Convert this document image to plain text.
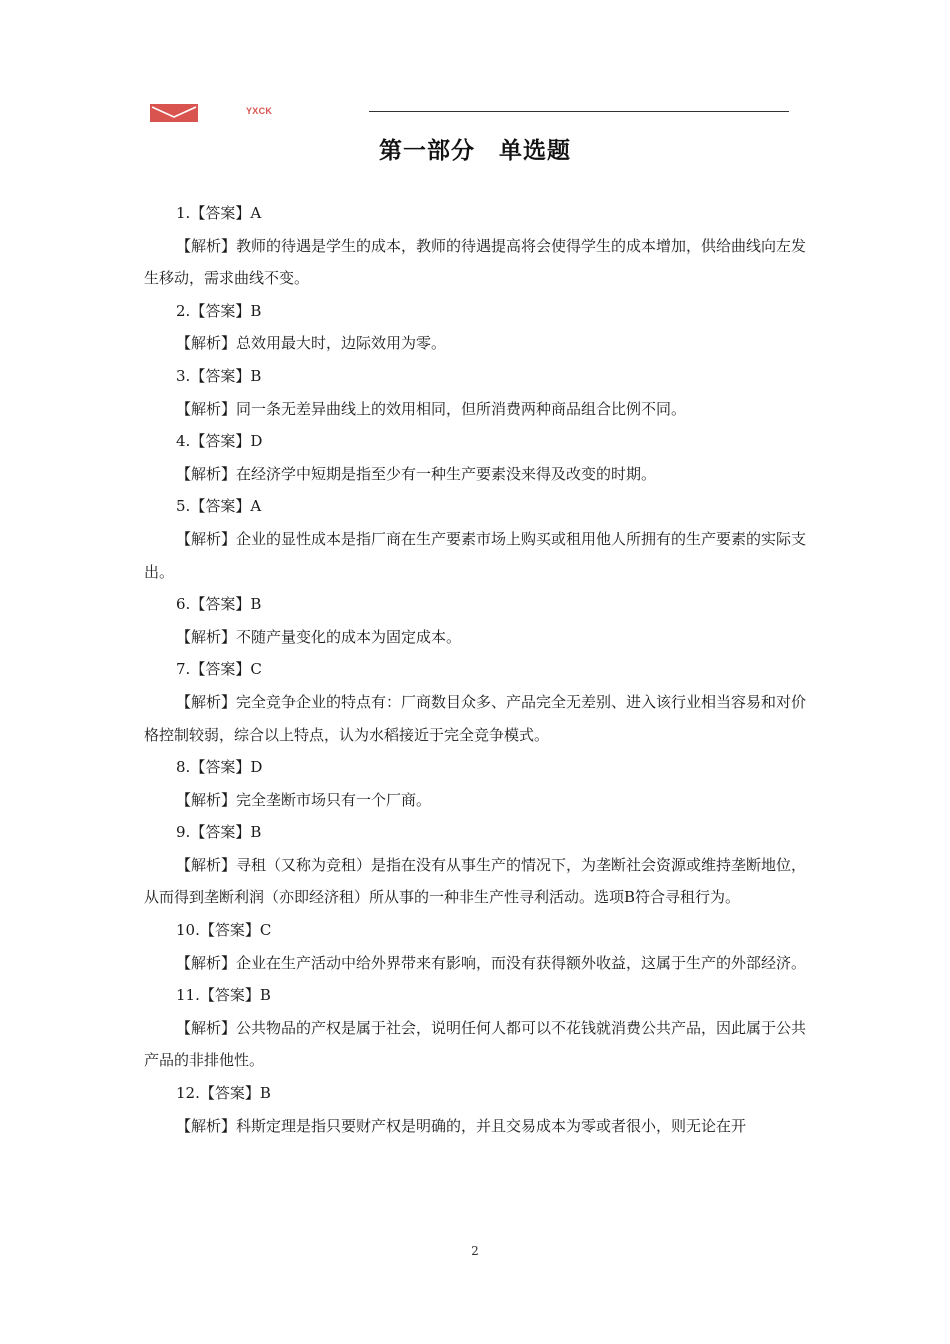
YXCK
第一部分　单选题

1.【答案】A

【解析】教师的待遇是学生的成本，教师的待遇提高将会使得学生的成本增加，供给曲线向左发生移动，需求曲线不变。

2.【答案】B

【解析】总效用最大时，边际效用为零。

3.【答案】B

【解析】同一条无差异曲线上的效用相同，但所消费两种商品组合比例不同。

4.【答案】D

【解析】在经济学中短期是指至少有一种生产要素没来得及改变的时期。

5.【答案】A

【解析】企业的显性成本是指厂商在生产要素市场上购买或租用他人所拥有的生产要素的实际支出。

6.【答案】B

【解析】不随产量变化的成本为固定成本。

7.【答案】C

【解析】完全竞争企业的特点有：厂商数目众多、产品完全无差别、进入该行业相当容易和对价格控制较弱，综合以上特点，认为水稻接近于完全竞争模式。

8.【答案】D

【解析】完全垄断市场只有一个厂商。

9.【答案】B

【解析】寻租（又称为竞租）是指在没有从事生产的情况下，为垄断社会资源或维持垄断地位，从而得到垄断利润（亦即经济租）所从事的一种非生产性寻利活动。选项B符合寻租行为。

10.【答案】C

【解析】企业在生产活动中给外界带来有影响，而没有获得额外收益，这属于生产的外部经济。

11.【答案】B

【解析】公共物品的产权是属于社会，说明任何人都可以不花钱就消费公共产品，因此属于公共产品的非排他性。

12.【答案】B

【解析】科斯定理是指只要财产权是明确的，并且交易成本为零或者很小，则无论在开

2
